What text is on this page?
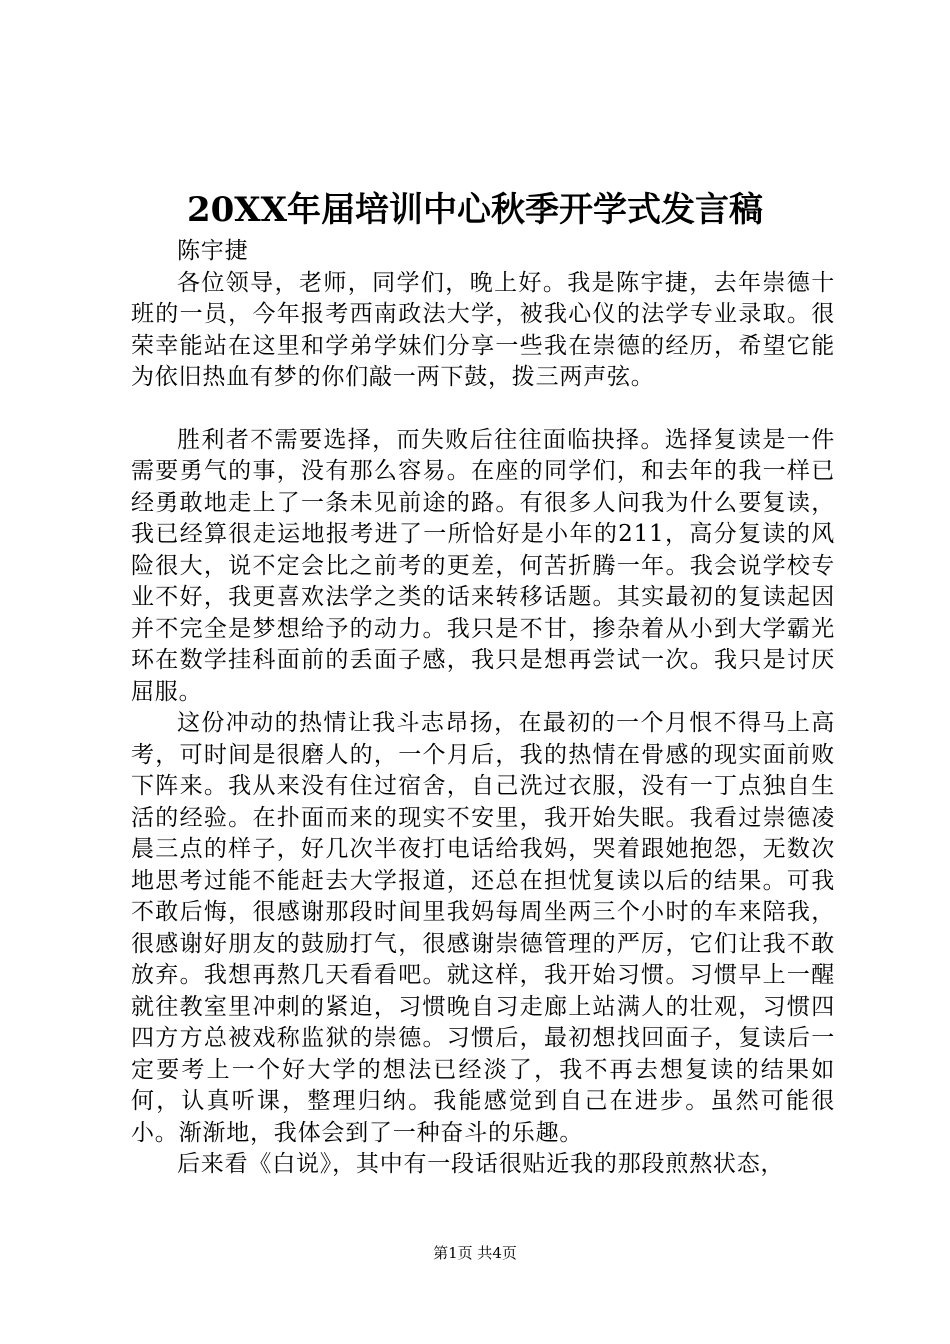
20XX年届培训中心秋季开学式发言稿

陈宇捷

各位领导，老师，同学们，晚上好。我是陈宇捷，去年崇德十班的一员，今年报考西南政法大学，被我心仪的法学专业录取。很荣幸能站在这里和学弟学妹们分享一些我在崇德的经历，希望它能为依旧热血有梦的你们敲一两下鼓，拨三两声弦。

胜利者不需要选择，而失败后往往面临抉择。选择复读是一件需要勇气的事，没有那么容易。在座的同学们，和去年的我一样已经勇敢地走上了一条未见前途的路。有很多人问我为什么要复读，我已经算很走运地报考进了一所恰好是小年的211，高分复读的风险很大，说不定会比之前考的更差，何苦折腾一年。我会说学校专业不好，我更喜欢法学之类的话来转移话题。其实最初的复读起因并不完全是梦想给予的动力。我只是不甘，掺杂着从小到大学霸光环在数学挂科面前的丢面子感，我只是想再尝试一次。我只是讨厌屈服。

这份冲动的热情让我斗志昂扬，在最初的一个月恨不得马上高考，可时间是很磨人的，一个月后，我的热情在骨感的现实面前败下阵来。我从来没有住过宿舍，自己洗过衣服，没有一丁点独自生活的经验。在扑面而来的现实不安里，我开始失眠。我看过崇德凌晨三点的样子，好几次半夜打电话给我妈，哭着跟她抱怨，无数次地思考过能不能赶去大学报道，还总在担忧复读以后的结果。可我不敢后悔，很感谢那段时间里我妈每周坐两三个小时的车来陪我，很感谢好朋友的鼓励打气，很感谢崇德管理的严厉，它们让我不敢放弃。我想再熬几天看看吧。就这样，我开始习惯。习惯早上一醒就往教室里冲刺的紧迫，习惯晚自习走廊上站满人的壮观，习惯四四方方总被戏称监狱的崇德。习惯后，最初想找回面子，复读后一定要考上一个好大学的想法已经淡了，我不再去想复读的结果如何，认真听课，整理归纳。我能感觉到自己在进步。虽然可能很小。渐渐地，我体会到了一种奋斗的乐趣。

后来看《白说》，其中有一段话很贴近我的那段煎熬状态，

第1页 共4页
